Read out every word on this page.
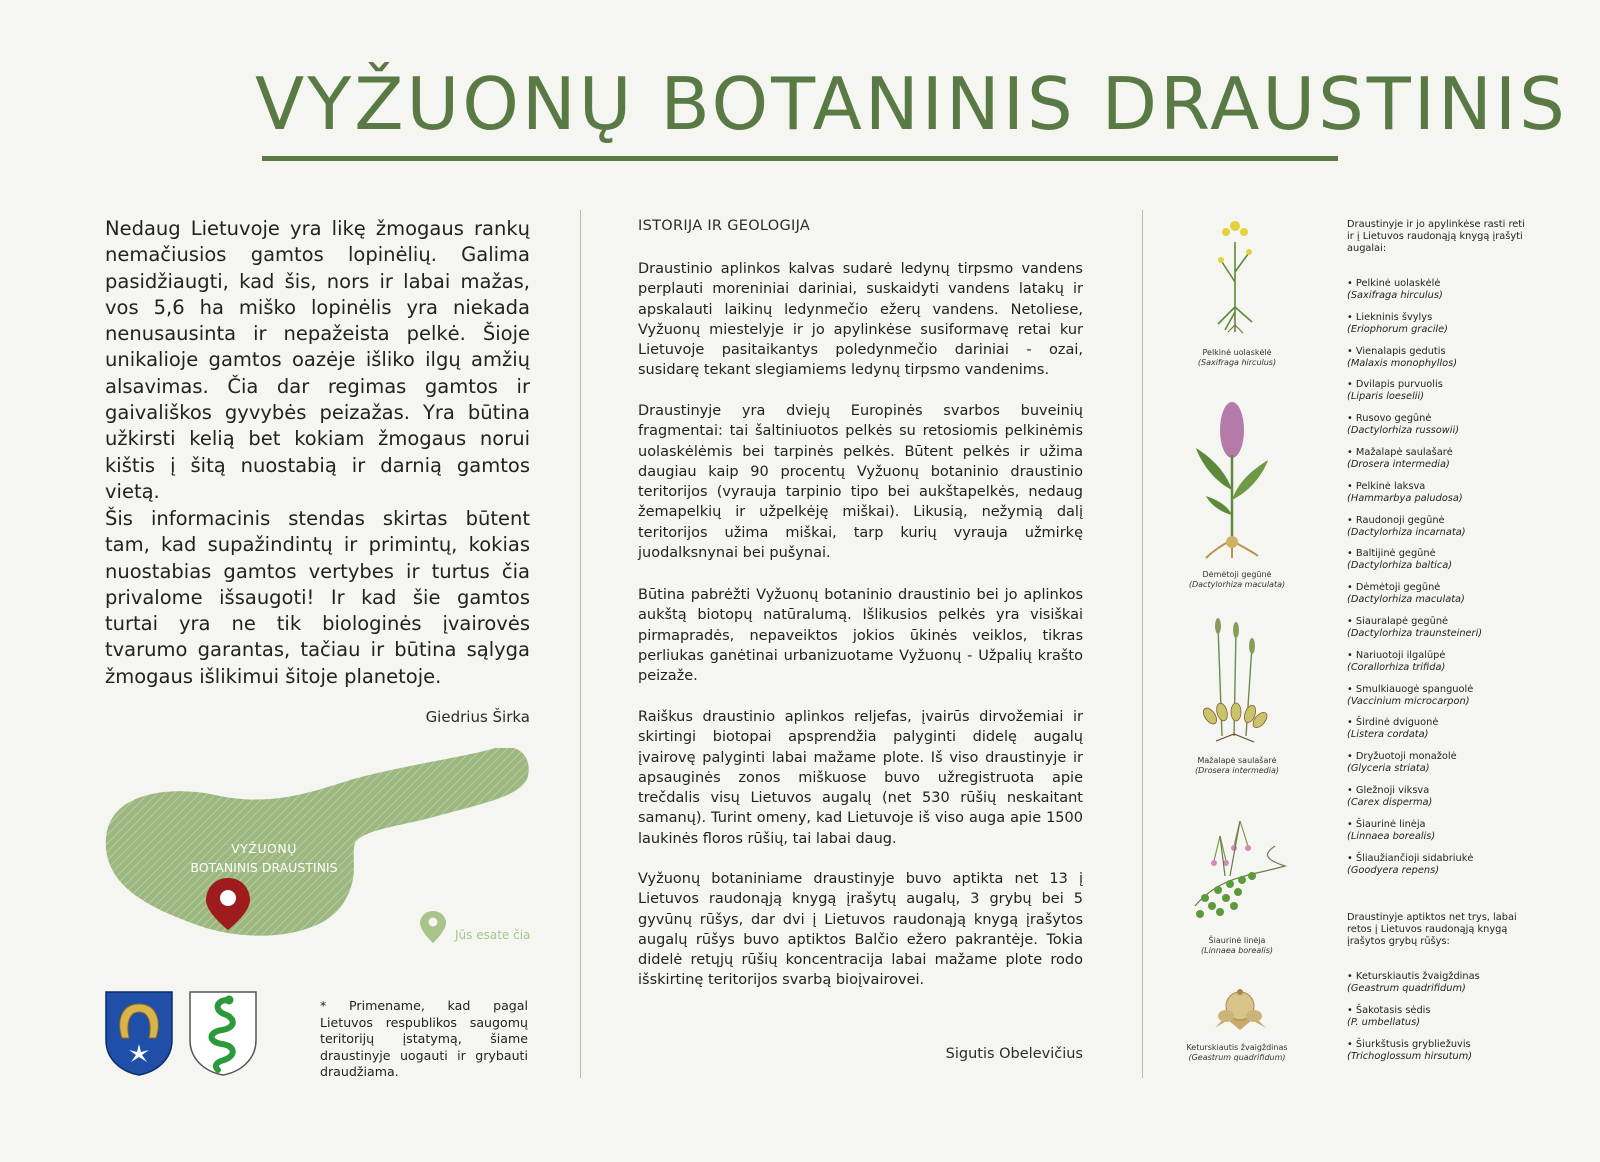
VYŽUONŲ BOTANINIS DRAUSTINIS

Nedaug Lietuvoje yra likę žmogaus rankų nemačiusios gamtos lopinėlių. Galima pasidžiaugti, kad šis, nors ir labai mažas, vos 5,6 ha miško lopinėlis yra niekada nenusausinta ir nepažeista pelkė. Šioje unikalioje gamtos oazėje išliko ilgų amžių alsavimas. Čia dar regimas gamtos ir gaivališkos gyvybės peizažas. Yra būtina užkirsti kelią bet kokiam žmogaus norui kištis į šitą nuostabią ir darnią gamtos vietą.

Šis informacinis stendas skirtas būtent tam, kad supažindintų ir primintų, kokias nuostabias gamtos vertybes ir turtus čia privalome išsaugoti! Ir kad šie gamtos turtai yra ne tik biologinės įvairovės tvarumo garantas, tačiau ir būtina sąlyga žmogaus išlikimui šitoje planetoje.

Giedrius Širka
VYŽUONŲ
BOTANINIS DRAUSTINIS
Jūs esate čia

* Primename, kad pagal Lietuvos respublikos saugomų teritorijų įstatymą, šiame draustinyje uogauti ir grybauti draudžiama.

ISTORIJA IR GEOLOGIJA

Draustinio aplinkos kalvas sudarė ledynų tirpsmo vandens perplauti moreniniai dariniai, suskaidyti vandens latakų ir apskalauti laikinų ledynmečio ežerų vandens. Netoliese, Vyžuonų miestelyje ir jo apylinkėse susiformavę retai kur Lietuvoje pasitaikantys poledynmečio dariniai - ozai, susidarę tekant slegiamiems ledynų tirpsmo vandenims.

Draustinyje yra dviejų Europinės svarbos buveinių fragmentai: tai šaltiniuotos pelkės su retosiomis pelkinėmis uolaskėlėmis bei tarpinės pelkės. Būtent pelkės ir užima daugiau kaip 90 procentų Vyžuonų botaninio draustinio teritorijos (vyrauja tarpinio tipo bei aukštapelkės, nedaug žemapelkių ir užpelkėję miškai). Likusią, nežymią dalį teritorijos užima miškai, tarp kurių vyrauja užmirkę juodalksnynai bei pušynai.

Būtina pabrėžti Vyžuonų botaninio draustinio bei jo aplinkos aukštą biotopų natūralumą. Išlikusios pelkės yra visiškai pirmapradės, nepaveiktos jokios ūkinės veiklos, tikras perliukas ganėtinai urbanizuotame Vyžuonų - Užpalių krašto peizaže.

Raiškus draustinio aplinkos reljefas, įvairūs dirvožemiai ir skirtingi biotopai apsprendžia palyginti didelę augalų įvairovę palyginti labai mažame plote. Iš viso draustinyje ir apsauginės zonos miškuose buvo užregistruota apie trečdalis visų Lietuvos augalų (net 530 rūšių neskaitant samanų). Turint omeny, kad Lietuvoje iš viso auga apie 1500 laukinės floros rūšių, tai labai daug.

Vyžuonų botaniniame draustinyje buvo aptikta net 13 į Lietuvos raudonąją knygą įrašytų augalų, 3 grybų bei 5 gyvūnų rūšys, dar dvi į Lietuvos raudonąją knygą įrašytos augalų rūšys buvo aptiktos Balčio ežero pakrantėje. Tokia didelė retųjų rūšių koncentracija labai mažame plote rodo išskirtinę teritorijos svarbą bioįvairovei.

Sigutis Obelevičius
Pelkinė uolaskėlė
(Saxifraga hirculus)
Dėmėtoji gegūnė
(Dactylorhiza maculata)
Mažalapė saulašarė
(Drosera intermedia)
Šiaurinė linėja
(Linnaea borealis)
Keturskiautis žvaigždinas
(Geastrum quadrifidum)
Draustinyje ir jo apylinkėse rasti reti ir į Lietuvos raudonąją knygą įrašyti augalai:
• Pelkinė uolaskėlė
(Saxifraga hirculus)
• Liekninis švylys
(Eriophorum gracile)
• Vienalapis gedutis
(Malaxis monophyllos)
• Dvilapis purvuolis
(Liparis loeselii)
• Rusovo gegūnė
(Dactylorhiza russowii)
• Mažalapė saulašarė
(Drosera intermedia)
• Pelkinė laksva
(Hammarbya paludosa)
• Raudonoji gegūnė
(Dactylorhiza incarnata)
• Baltijinė gegūnė
(Dactylorhiza baltica)
• Dėmėtoji gegūnė
(Dactylorhiza maculata)
• Siauralapė gegūnė
(Dactylorhiza traunsteineri)
• Nariuotoji ilgalūpė
(Corallorhiza trifida)
• Smulkiauogė spanguolė
(Vaccinium microcarpon)
• Širdinė dviguonė
(Listera cordata)
• Dryžuotoji monažolė
(Glyceria striata)
• Gležnoji viksva
(Carex disperma)
• Šiaurinė linėja
(Linnaea borealis)
• Šliaužiančioji sidabriukė
(Goodyera repens)
Draustinyje aptiktos net trys, labai retos į Lietuvos raudonąją knygą įrašytos grybų rūšys:
• Keturskiautis žvaigždinas
(Geastrum quadrifidum)
• Šakotasis sėdis
(P. umbellatus)
• Šiurkštusis grybliežuvis
(Trichoglossum hirsutum)
